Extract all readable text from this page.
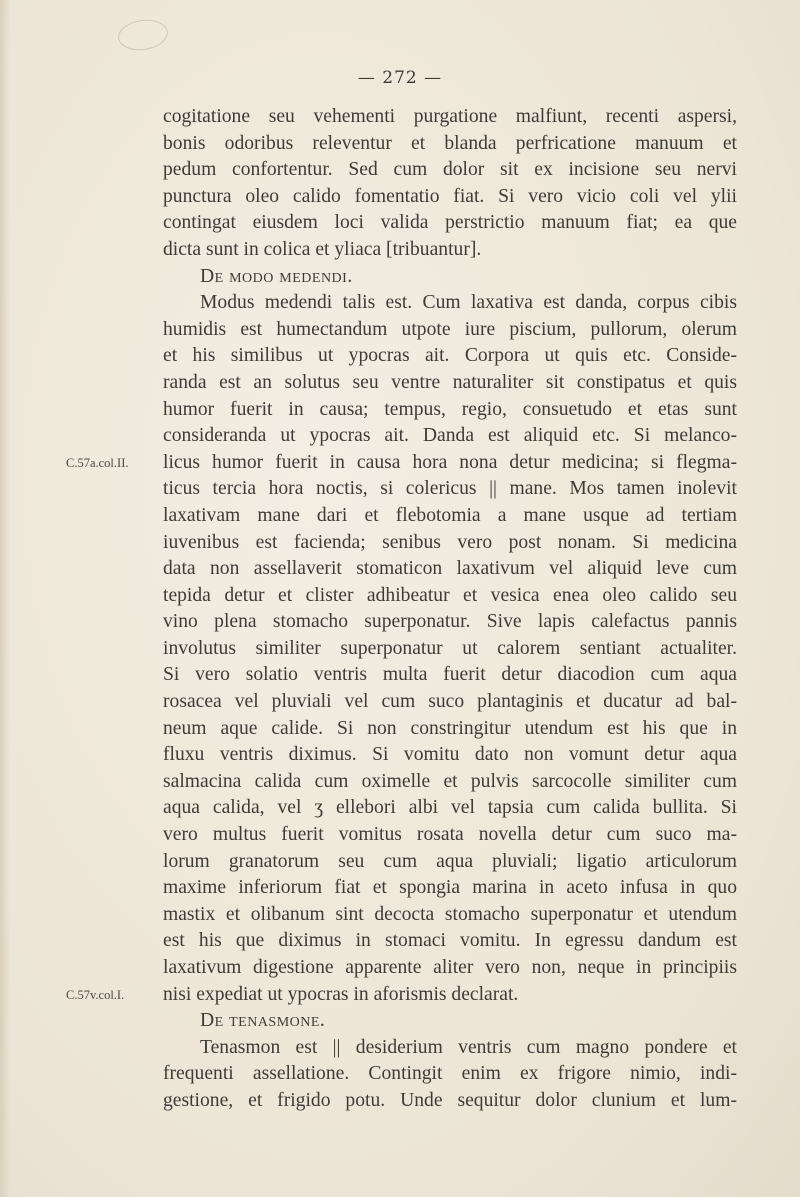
— 272 —
cogitatione seu vehementi purgatione malfiunt, recenti aspersi,
bonis odoribus releventur et blanda perfricatione manuum et
pedum confortentur. Sed cum dolor sit ex incisione seu nervi
punctura oleo calido fomentatio fiat. Si vero vicio coli vel ylii
contingat eiusdem loci valida perstrictio manuum fiat; ea que
dicta sunt in colica et yliaca [tribuantur].
De modo medendi.
Modus medendi talis est. Cum laxativa est danda, corpus cibis
humidis est humectandum utpote iure piscium, pullorum, olerum
et his similibus ut ypocras ait. Corpora ut quis etc. Conside-
randa est an solutus seu ventre naturaliter sit constipatus et quis
humor fuerit in causa; tempus, regio, consuetudo et etas sunt
consideranda ut ypocras ait. Danda est aliquid etc. Si melanco-
licus humor fuerit in causa hora nona detur medicina; si flegma-
ticus tercia hora noctis, si colericus || mane. Mos tamen inolevit
laxativam mane dari et flebotomia a mane usque ad tertiam
iuvenibus est facienda; senibus vero post nonam. Si medicina
data non assellaverit stomaticon laxativum vel aliquid leve cum
tepida detur et clister adhibeatur et vesica enea oleo calido seu
vino plena stomacho superponatur. Sive lapis calefactus pannis
involutus similiter superponatur ut calorem sentiant actualiter.
Si vero solatio ventris multa fuerit detur diacodion cum aqua
rosacea vel pluviali vel cum suco plantaginis et ducatur ad bal-
neum aque calide. Si non constringitur utendum est his que in
fluxu ventris diximus. Si vomitu dato non vomunt detur aqua
salmacina calida cum oximelle et pulvis sarcocolle similiter cum
aqua calida, vel ʒ ellebori albi vel tapsia cum calida bullita. Si
vero multus fuerit vomitus rosata novella detur cum suco ma-
lorum granatorum seu cum aqua pluviali; ligatio articulorum
maxime inferiorum fiat et spongia marina in aceto infusa in quo
mastix et olibanum sint decocta stomacho superponatur et utendum
est his que diximus in stomaci vomitu. In egressu dandum est
laxativum digestione apparente aliter vero non, neque in principiis
nisi expediat ut ypocras in aforismis declarat.
De tenasmone.
Tenasmon est || desiderium ventris cum magno pondere et
frequenti assellatione. Contingit enim ex frigore nimio, indi-
gestione, et frigido potu. Unde sequitur dolor clunium et lum-
C.57a.col.II.
C.57v.col.I.
